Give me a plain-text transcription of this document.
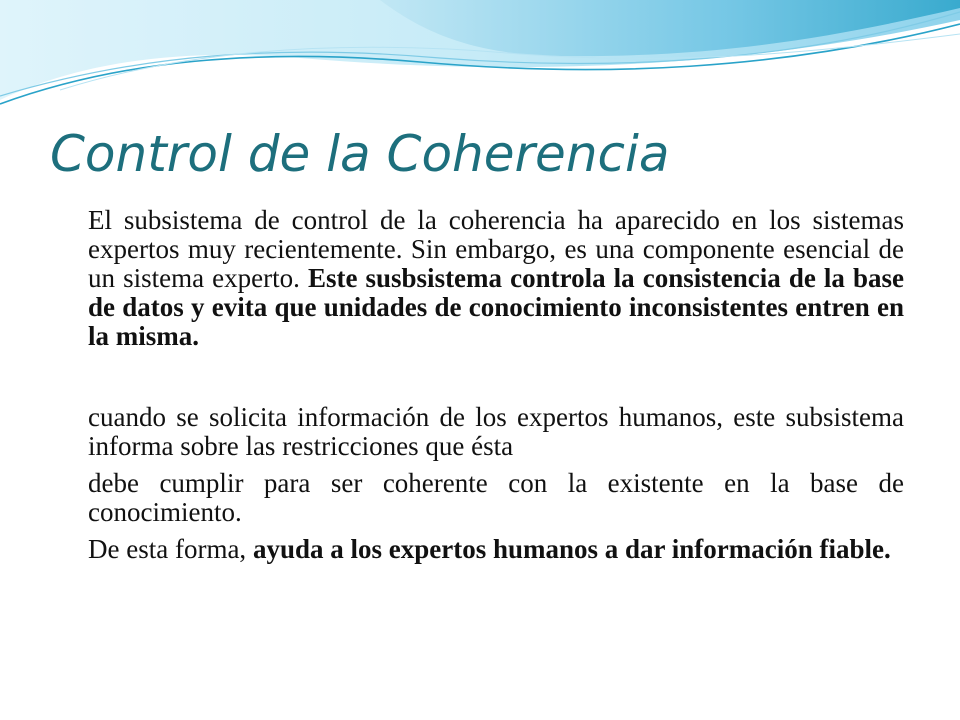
Control de la Coherencia

El subsistema de control de la coherencia ha aparecido en los sistemas expertos muy recientemente. Sin embargo, es una componente esencial de un sistema experto. Este susbsistema controla la consistencia de la base de datos y evita que unidades de conocimiento inconsistentes entren en la misma.

cuando se solicita información de los expertos humanos, este subsistema informa sobre las restricciones que ésta

debe cumplir para ser coherente con la existente en la base de conocimiento.

De esta forma, ayuda a los expertos humanos a dar información fiable.
